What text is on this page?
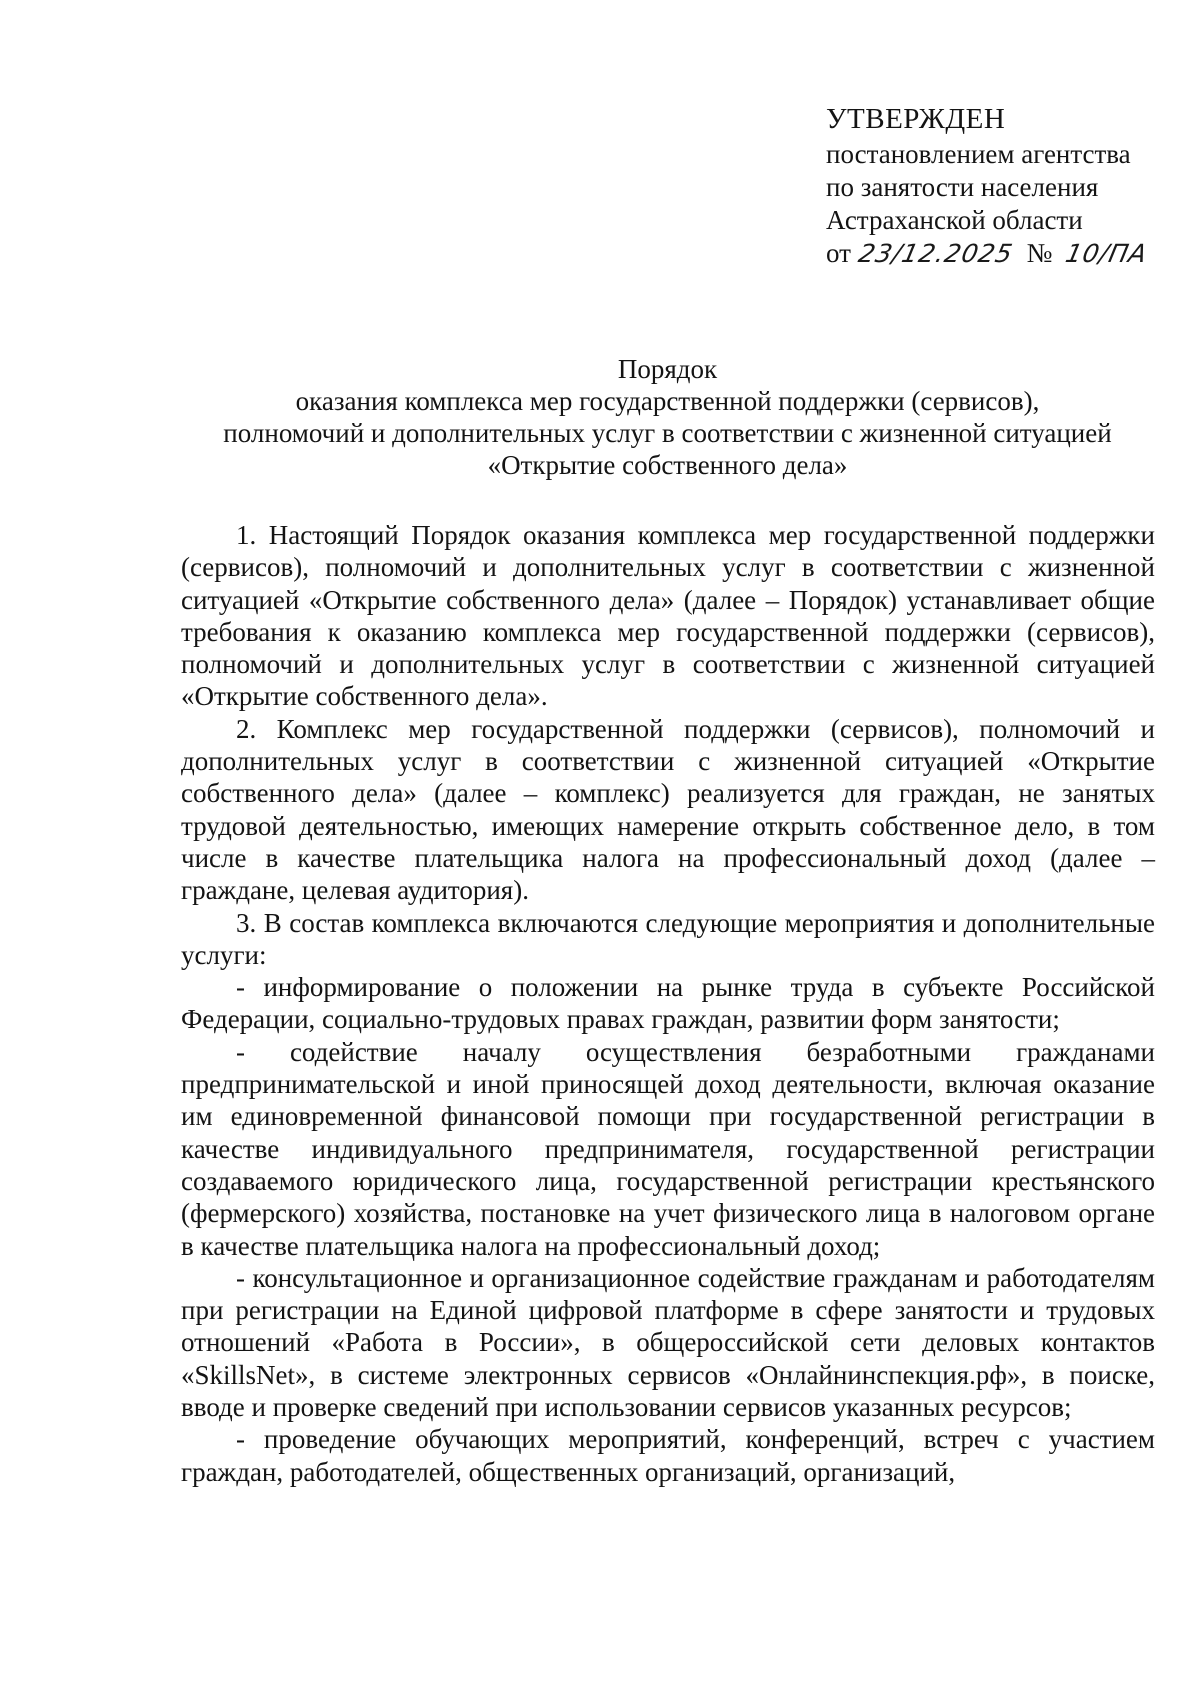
УТВЕРЖДЕН
постановлением агентства
по занятости населения
Астраханской области
от 23/12.2025 № 10/ПА
Порядок
оказания комплекса мер государственной поддержки (сервисов),
полномочий и дополнительных услуг в соответствии с жизненной ситуацией
«Открытие собственного дела»

1. Настоящий Порядок оказания комплекса мер государственной поддержки (сервисов), полномочий и дополнительных услуг в соответствии с жизненной ситуацией «Открытие собственного дела» (далее – Порядок) устанавливает общие требования к оказанию комплекса мер государственной поддержки (сервисов), полномочий и дополнительных услуг в соответствии с жизненной ситуацией «Открытие собственного дела».

2. Комплекс мер государственной поддержки (сервисов), полномочий и дополнительных услуг в соответствии с жизненной ситуацией «Открытие собственного дела» (далее – комплекс) реализуется для граждан, не занятых трудовой деятельностью, имеющих намерение открыть собственное дело, в том числе в качестве плательщика налога на профессиональный доход (далее – граждане, целевая аудитория).

3. В состав комплекса включаются следующие мероприятия и дополнительные услуги:

- информирование о положении на рынке труда в субъекте Российской Федерации, социально-трудовых правах граждан, развитии форм занятости;

- содействие началу осуществления безработными гражданами предпринимательской и иной приносящей доход деятельности, включая оказание им единовременной финансовой помощи при государственной регистрации в качестве индивидуального предпринимателя, государственной регистрации создаваемого юридического лица, государственной регистрации крестьянского (фермерского) хозяйства, постановке на учет физического лица в налоговом органе в качестве плательщика налога на профессиональный доход;

- консультационное и организационное содействие гражданам и работодателям при регистрации на Единой цифровой платформе в сфере занятости и трудовых отношений «Работа в России», в общероссийской сети деловых контактов «SkillsNet», в системе электронных сервисов «Онлайнинспекция.рф», в поиске, вводе и проверке сведений при использовании сервисов указанных ресурсов;

- проведение обучающих мероприятий, конференций, встреч с участием граждан, работодателей, общественных организаций, организаций,
